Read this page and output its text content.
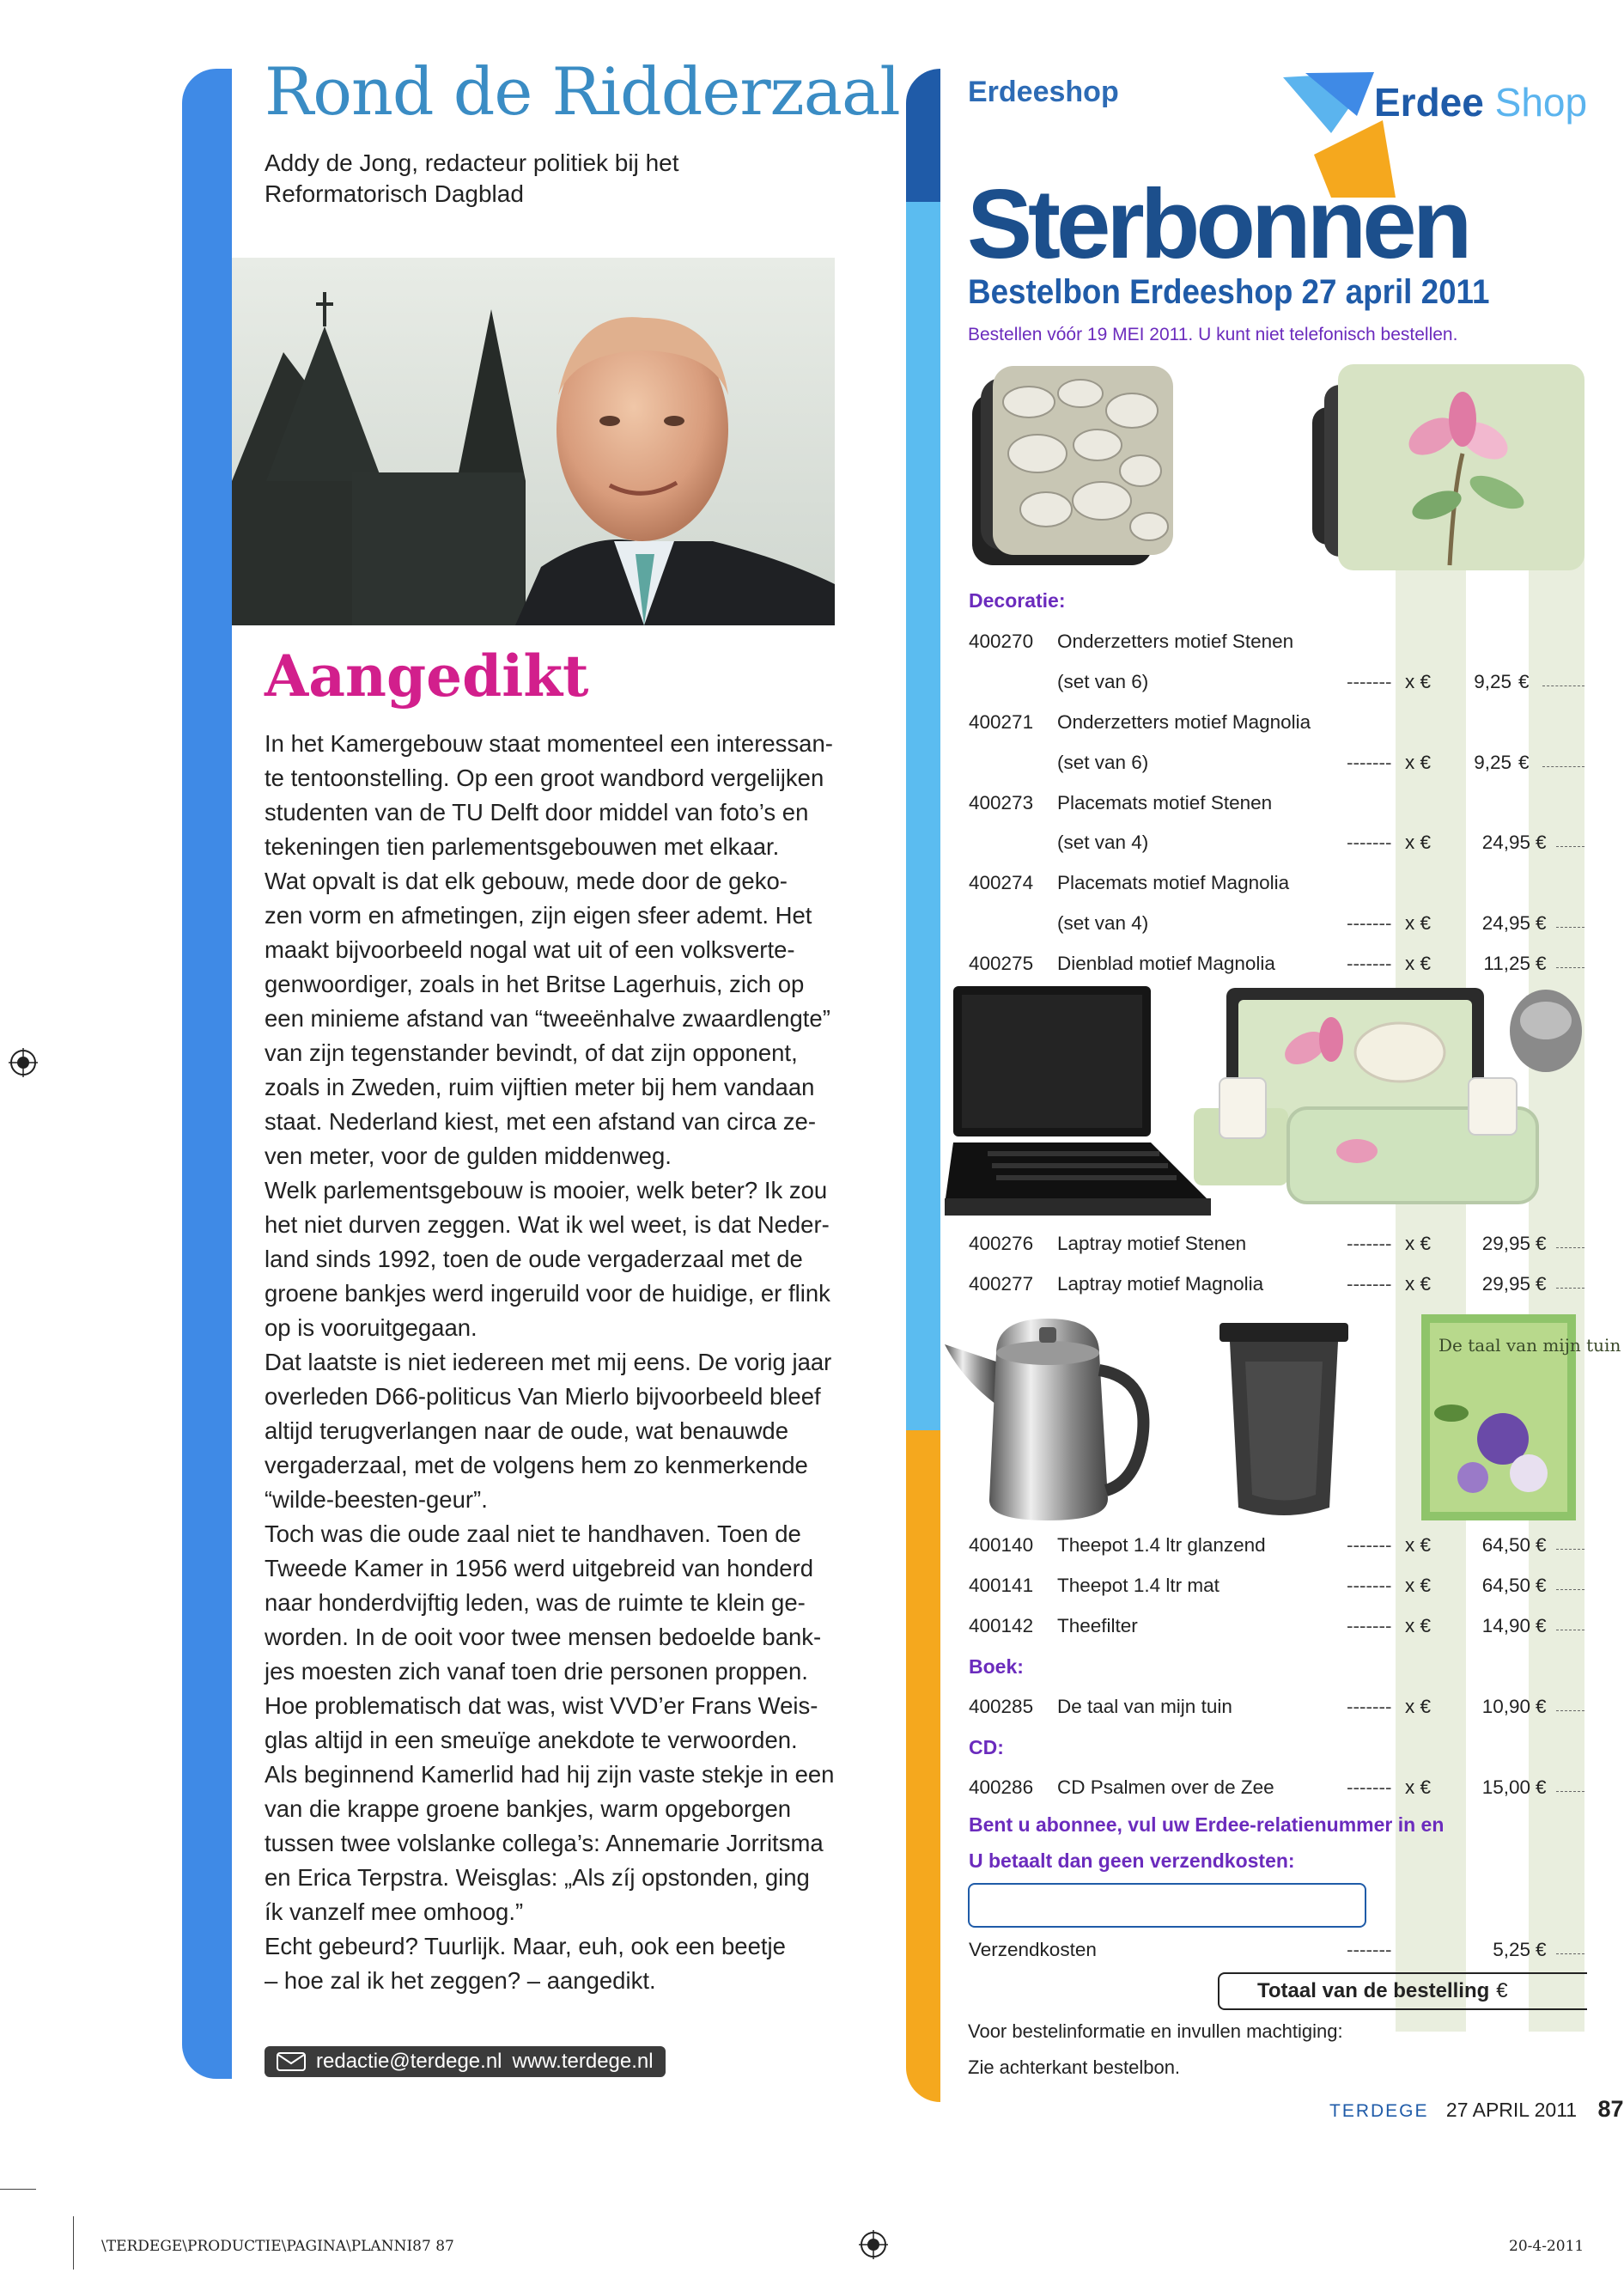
Rond de Ridderzaal
Addy de Jong, redacteur politiek bij het
Reformatorisch Dagblad
Aangedikt

In het Kamergebouw staat momenteel een interessan-

te tentoonstelling. Op een groot wandbord vergelijken

studenten van de TU Delft door middel van foto’s en

tekeningen tien parlementsgebouwen met elkaar.

Wat opvalt is dat elk gebouw, mede door de geko-

zen vorm en afmetingen, zijn eigen sfeer ademt. Het

maakt bijvoorbeeld nogal wat uit of een volksverte-

genwoordiger, zoals in het Britse Lagerhuis, zich op

een minieme afstand van “tweeënhalve zwaardlengte”

van zijn tegenstander bevindt, of dat zijn opponent,

zoals in Zweden, ruim vijftien meter bij hem vandaan

staat. Nederland kiest, met een afstand van circa ze-

ven meter, voor de gulden middenweg.

Welk parlementsgebouw is mooier, welk beter? Ik zou

het niet durven zeggen. Wat ik wel weet, is dat Neder-

land sinds 1992, toen de oude vergaderzaal met de

groene bankjes werd ingeruild voor de huidige, er flink

op is vooruitgegaan.

Dat laatste is niet iedereen met mij eens. De vorig jaar

overleden D66-politicus Van Mierlo bijvoorbeeld bleef

altijd terugverlangen naar de oude, wat benauwde

vergaderzaal, met de volgens hem zo kenmerkende

“wilde-beesten-geur”.

Toch was die oude zaal niet te handhaven. Toen de

Tweede Kamer in 1956 werd uitgebreid van honderd

naar honderdvijftig leden, was de ruimte te klein ge-

worden. In de ooit voor twee mensen bedoelde bank-

jes moesten zich vanaf toen drie personen proppen.

Hoe problematisch dat was, wist VVD’er Frans Weis-

glas altijd in een smeuïge anekdote te verwoorden.

Als beginnend Kamerlid had hij zijn vaste stekje in een

van die krappe groene bankjes, warm opgeborgen

tussen twee volslanke collega’s: Annemarie Jorritsma

en Erica Terpstra. Weisglas: „Als zíj opstonden, ging

ík vanzelf mee omhoog.”

Echt gebeurd? Tuurlijk. Maar, euh, ook een beetje

– hoe zal ik het zeggen? – aangedikt.

redactie@terdege.nl www.terdege.nl
Erdeeshop	Erdee Shop
Sterbonnen
Bestelbon Erdeeshop 27 april 2011
Bestellen vóór 19 MEI 2011. U kunt niet telefonisch bestellen.
Decoratie:
400270 Onderzetters motief Stenen
(set van 6)	------- x €	9,25 €
400271 Onderzetters motief Magnolia
(set van 6)	------- x €	9,25 €
400273 Placemats motief Stenen
(set van 4)	------- x €	24,95 €
400274 Placemats motief Magnolia
(set van 4)	------- x €	24,95 €
400275 Dienblad motief Magnolia	------- x €	11,25 €
400276 Laptray motief Stenen	------- x €	29,95 €
400277 Laptray motief Magnolia	------- x €	29,95 €
De taal van mijn tuin
400140 Theepot 1.4 ltr glanzend	------- x €	64,50 €
400141 Theepot 1.4 ltr mat	------- x €	64,50 €
400142 Theefilter	------- x €	14,90 €
Boek:
400285 De taal van mijn tuin	------- x €	10,90 €
CD:
400286 CD Psalmen over de Zee	------- x €	15,00 €
Bent u abonnee, vul uw Erdee-relatienummer in en
U betaalt dan geen verzendkosten:
Verzendkosten	-------	5,25 €
Totaal van de bestelling €
Voor bestelinformatie en invullen machtiging:
Zie achterkant bestelbon.
TERDEGE 27 APRIL 2011 87
\TERDEGE\PRODUCTIE\PAGINA\PLANNI87 87	20-4-2011
